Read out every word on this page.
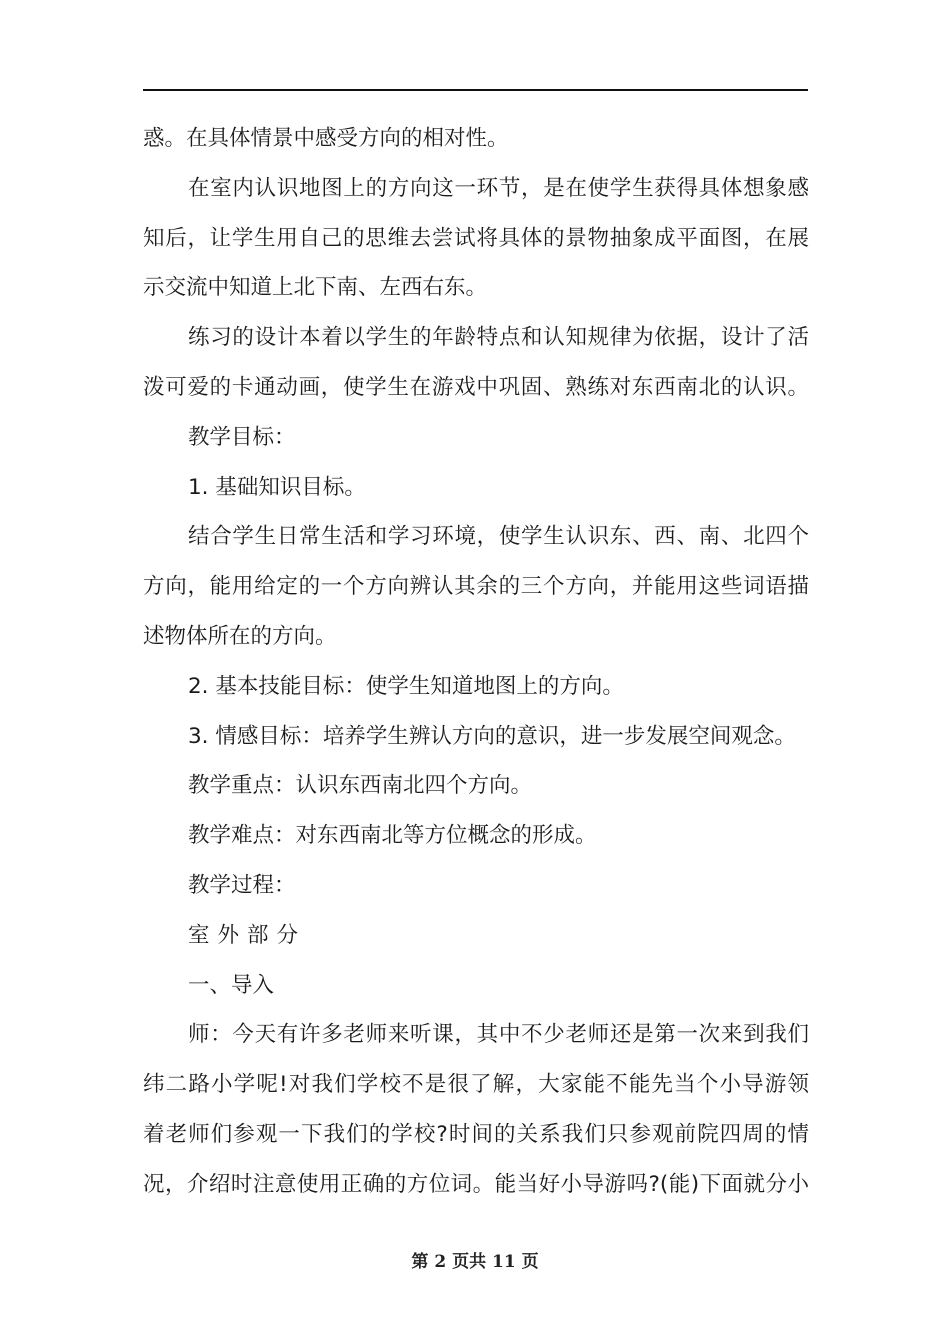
惑。在具体情景中感受方向的相对性。
在室内认识地图上的方向这一环节，是在使学生获得具体想象感
知后，让学生用自己的思维去尝试将具体的景物抽象成平面图，在展
示交流中知道上北下南、左西右东。
练习的设计本着以学生的年龄特点和认知规律为依据，设计了活
泼可爱的卡通动画，使学生在游戏中巩固、熟练对东西南北的认识。
教学目标：
1. 基础知识目标。
结合学生日常生活和学习环境，使学生认识东、西、南、北四个
方向，能用给定的一个方向辨认其余的三个方向，并能用这些词语描
述物体所在的方向。
2. 基本技能目标：使学生知道地图上的方向。
3. 情感目标：培养学生辨认方向的意识，进一步发展空间观念。
教学重点：认识东西南北四个方向。
教学难点：对东西南北等方位概念的形成。
教学过程：
室外部分
一、导入
师：今天有许多老师来听课，其中不少老师还是第一次来到我们
纬二路小学呢!对我们学校不是很了解，大家能不能先当个小导游领
着老师们参观一下我们的学校?时间的关系我们只参观前院四周的情
况，介绍时注意使用正确的方位词。能当好小导游吗?(能)下面就分小
第 2 页共 11 页
